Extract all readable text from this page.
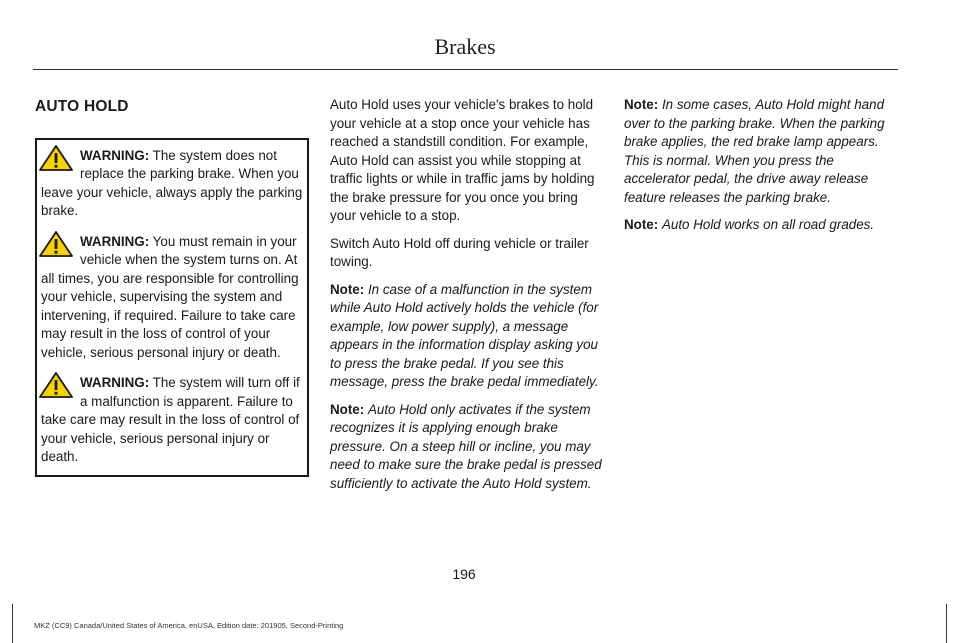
Brakes
AUTO HOLD
WARNING: The system does not replace the parking brake. When you leave your vehicle, always apply the parking brake.
WARNING: You must remain in your vehicle when the system turns on. At all times, you are responsible for controlling your vehicle, supervising the system and intervening, if required. Failure to take care may result in the loss of control of your vehicle, serious personal injury or death.
WARNING: The system will turn off if a malfunction is apparent. Failure to take care may result in the loss of control of your vehicle, serious personal injury or death.

Auto Hold uses your vehicle's brakes to hold your vehicle at a stop once your vehicle has reached a standstill condition. For example, Auto Hold can assist you while stopping at traffic lights or while in traffic jams by holding the brake pressure for you once you bring your vehicle to a stop.

Switch Auto Hold off during vehicle or trailer towing.

Note: In case of a malfunction in the system while Auto Hold actively holds the vehicle (for example, low power supply), a message appears in the information display asking you to press the brake pedal. If you see this message, press the brake pedal immediately.

Note: Auto Hold only activates if the system recognizes it is applying enough brake pressure. On a steep hill or incline, you may need to make sure the brake pedal is pressed sufficiently to activate the Auto Hold system.

Note: In some cases, Auto Hold might hand over to the parking brake. When the parking brake applies, the red brake lamp appears. This is normal. When you press the accelerator pedal, the drive away release feature releases the parking brake.

Note: Auto Hold works on all road grades.

196
MKZ (CC9) Canada/United States of America, enUSA, Edition date: 201905, Second-Printing
